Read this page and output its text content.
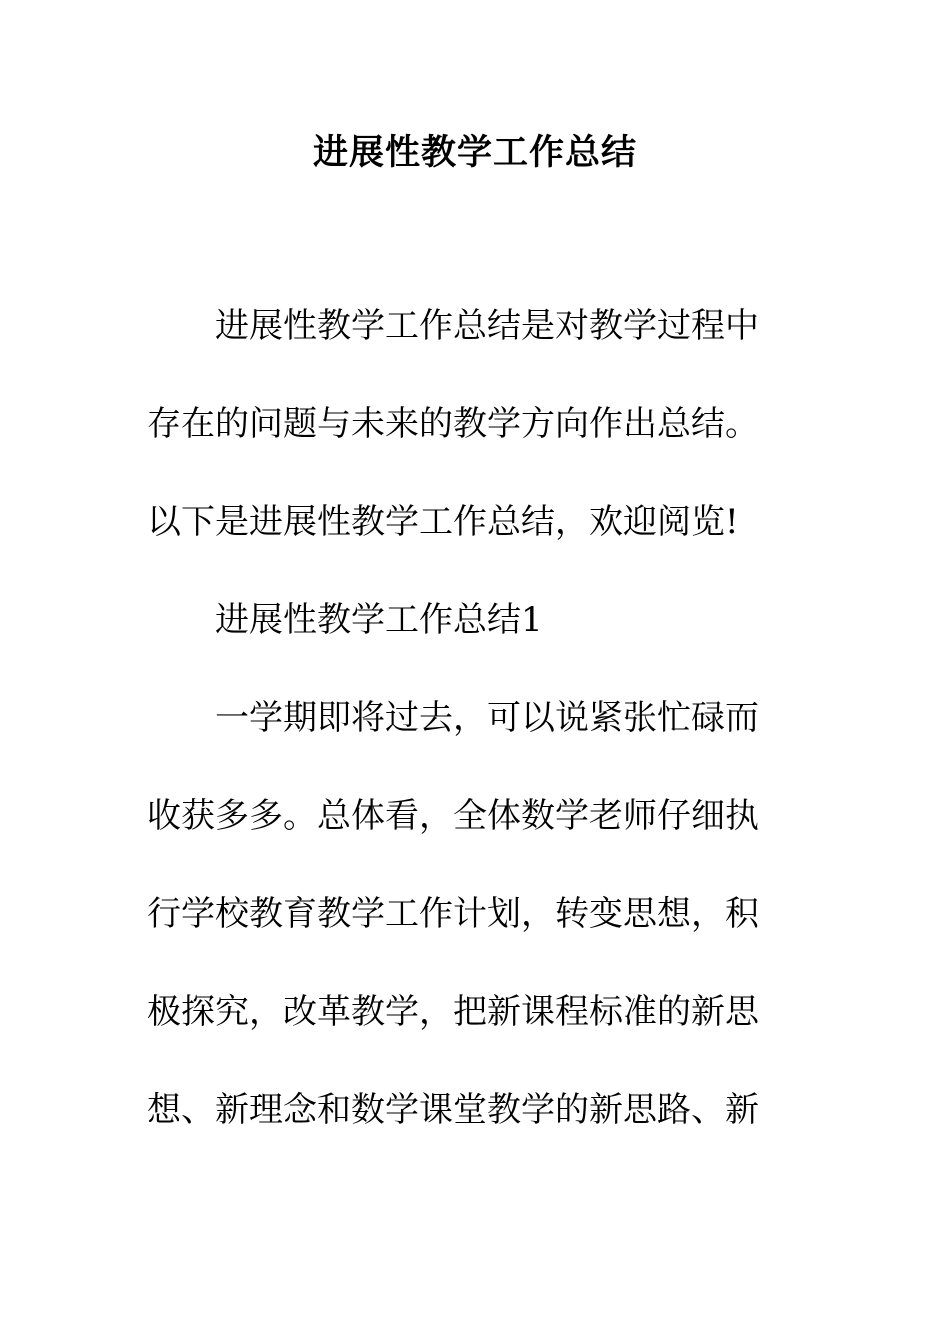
进展性教学工作总结
进展性教学工作总结是对教学过程中
存在的问题与未来的教学方向作出总结。
以下是进展性教学工作总结，欢迎阅览!
进展性教学工作总结1
一学期即将过去，可以说紧张忙碌而
收获多多。总体看，全体数学老师仔细执
行学校教育教学工作计划，转变思想，积
极探究，改革教学，把新课程标准的新思
想、新理念和数学课堂教学的新思路、新
